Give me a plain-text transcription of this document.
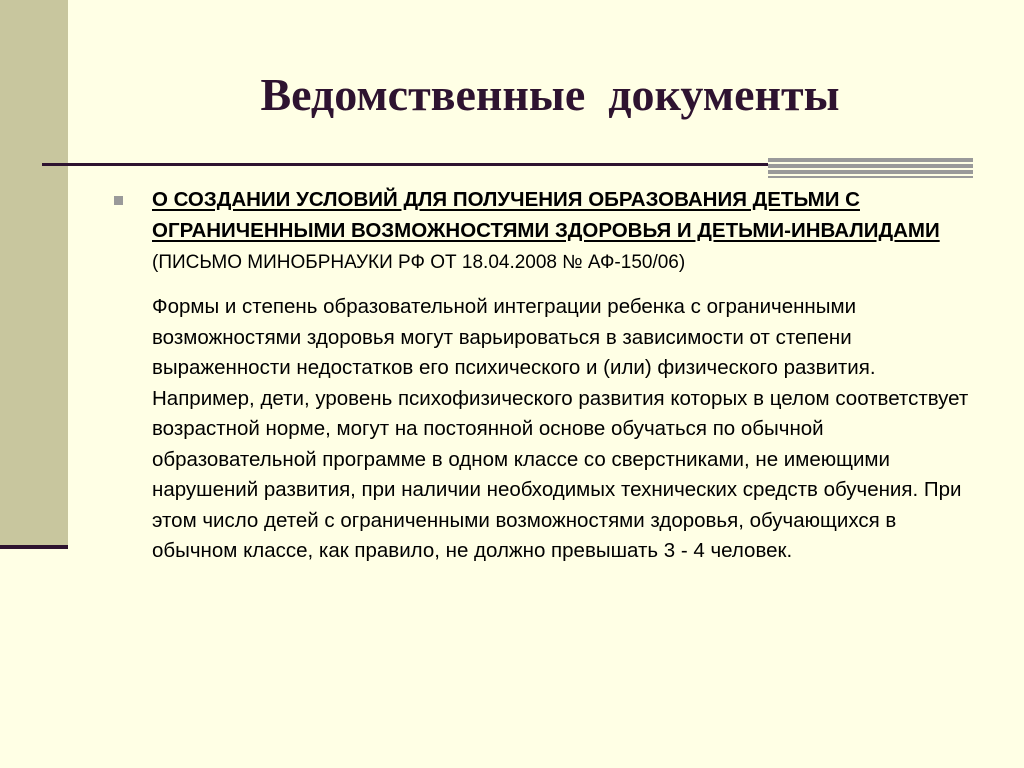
Ведомственные  документы

О СОЗДАНИИ УСЛОВИЙ ДЛЯ ПОЛУЧЕНИЯ ОБРАЗОВАНИЯ ДЕТЬМИ С ОГРАНИЧЕННЫМИ ВОЗМОЖНОСТЯМИ ЗДОРОВЬЯ И ДЕТЬМИ-ИНВАЛИДАМИ (ПИСЬМО МИНОБРНАУКИ РФ ОТ 18.04.2008 № АФ-150/06)

Формы и степень образовательной интеграции ребенка с ограниченными возможностями здоровья могут варьироваться в зависимости от степени выраженности недостатков его психического и (или) физического развития. Например, дети, уровень психофизического развития которых в целом соответствует возрастной норме, могут на постоянной основе обучаться по обычной образовательной программе в одном классе со сверстниками, не имеющими нарушений развития, при наличии необходимых технических средств обучения. При этом число детей с ограниченными возможностями здоровья, обучающихся в обычном классе, как правило, не должно превышать 3 - 4 человек.
